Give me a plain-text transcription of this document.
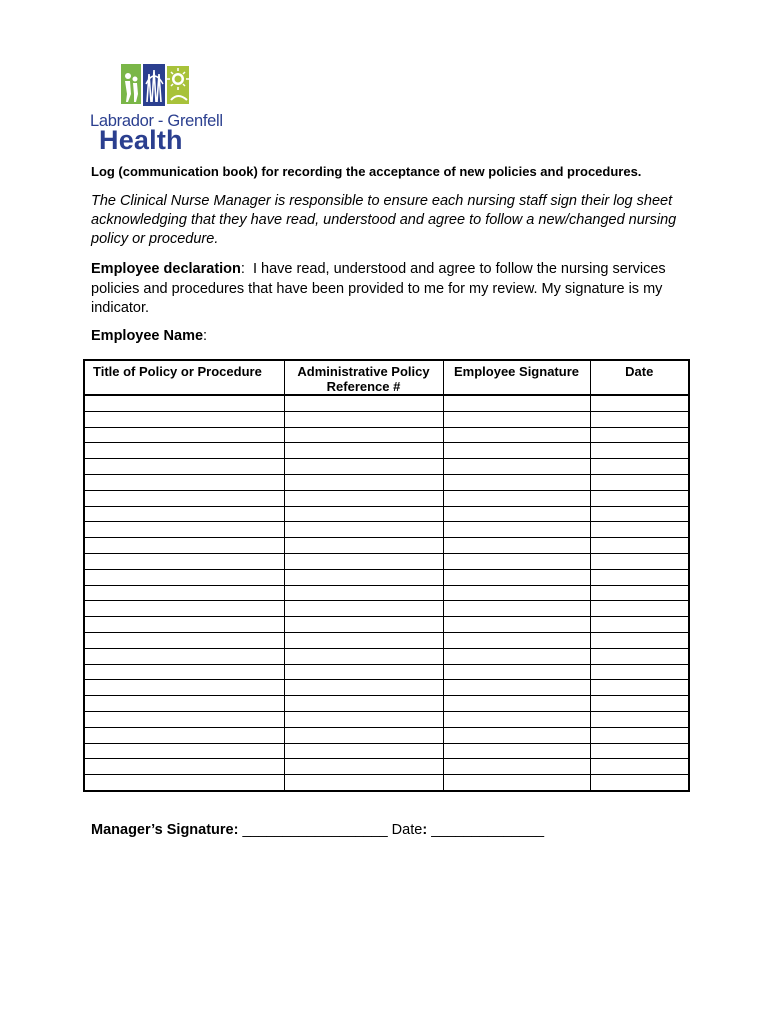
Labrador - Grenfell
Health
Log (communication book) for recording the acceptance of new policies and procedures.

The Clinical Nurse Manager is responsible to ensure each nursing staff sign their log sheet acknowledging that they have read, understood and agree to follow a new/changed nursing policy or procedure.

Employee declaration: I have read, understood and agree to follow the nursing services policies and procedures that have been provided to me for my review. My signature is my indicator.

Employee Name:
Title of Policy or Procedure	Administrative Policy Reference #	Employee Signature	Date

Manager’s Signature: __________________ Date: ______________
